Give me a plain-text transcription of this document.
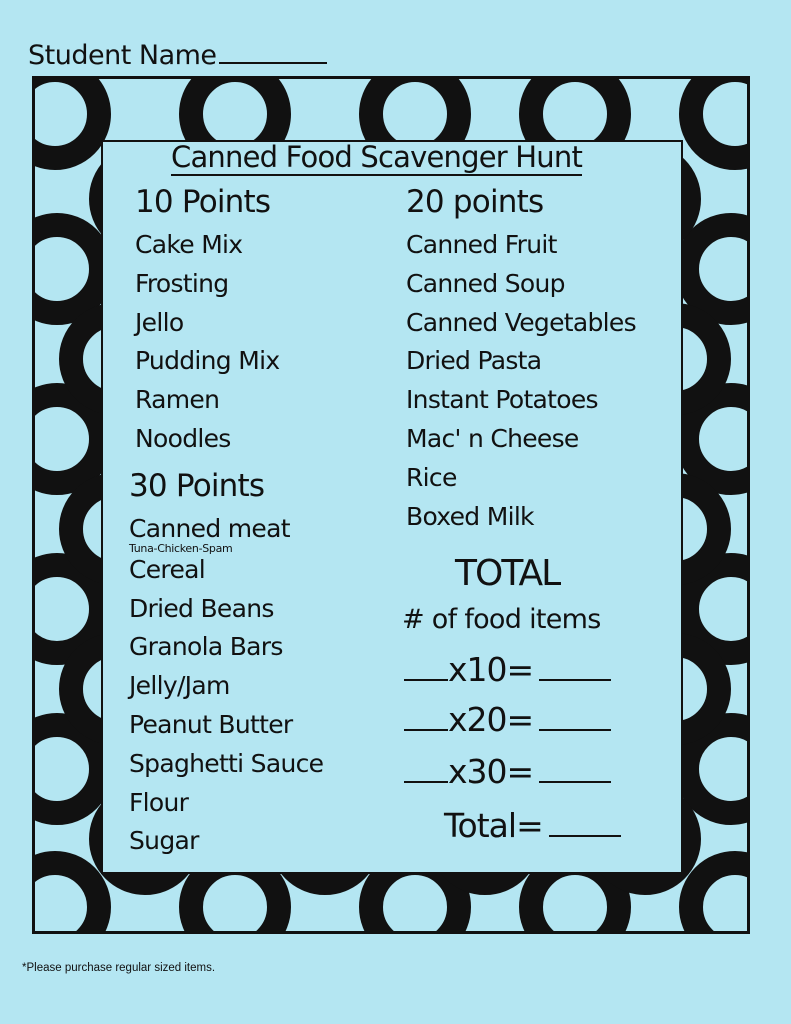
Student Name
Canned Food Scavenger Hunt
10 Points
Cake Mix
Frosting
Jello
Pudding Mix
Ramen
Noodles
30 Points
Canned meat
Tuna-Chicken-Spam
Cereal
Dried Beans
Granola Bars
Jelly/Jam
Peanut Butter
Spaghetti Sauce
Flour
Sugar
20 points
Canned Fruit
Canned Soup
Canned Vegetables
Dried Pasta
Instant Potatoes
Mac' n Cheese
Rice
Boxed Milk
TOTAL
# of food items
x10=
x20=
x30=
Total=
*Please purchase regular sized items.
